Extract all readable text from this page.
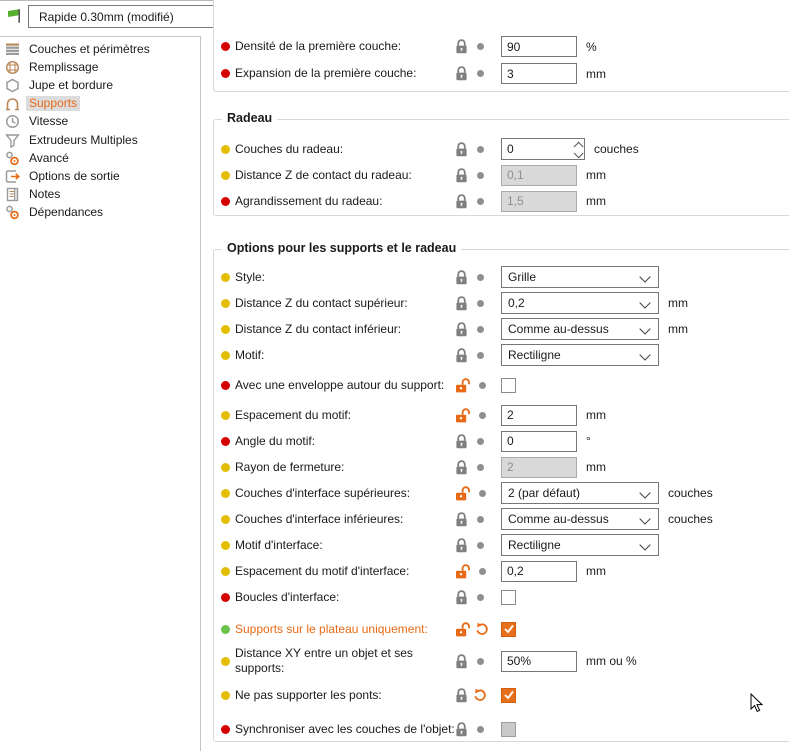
Rapide 0.30mm (modifié)
Couches et périmètres
Remplissage
Jupe et bordure
Supports
Vitesse
Extrudeurs Multiples
Avancé
Options de sortie
Notes
Dépendances
Densité de la première couche:
90	%
Expansion de la première couche:
3	mm
Radeau
Couches du radeau:	0	couches
Distance Z de contact du radeau:
0,1	mm
Agrandissement du radeau:
1,5	mm
Options pour les supports et le radeau
Style:	Grille
Distance Z du contact supérieur:	0,2	mm
Distance Z du contact inférieur:	Comme au-dessus	mm
Motif:	Rectiligne
Avec une enveloppe autour du support:
Espacement du motif:
2	mm
Angle du motif:
0	°
Rayon de fermeture:
2	mm
Couches d'interface supérieures:	2 (par défaut)	couches
Couches d'interface inférieures:	Comme au-dessus	couches
Motif d'interface:	Rectiligne
Espacement du motif d'interface:
0,2	mm
Boucles d'interface:
Supports sur le plateau uniquement:
Distance XY entre un objet et ses supports:
50%	mm ou %
Ne pas supporter les ponts:
Synchroniser avec les couches de l'objet:
